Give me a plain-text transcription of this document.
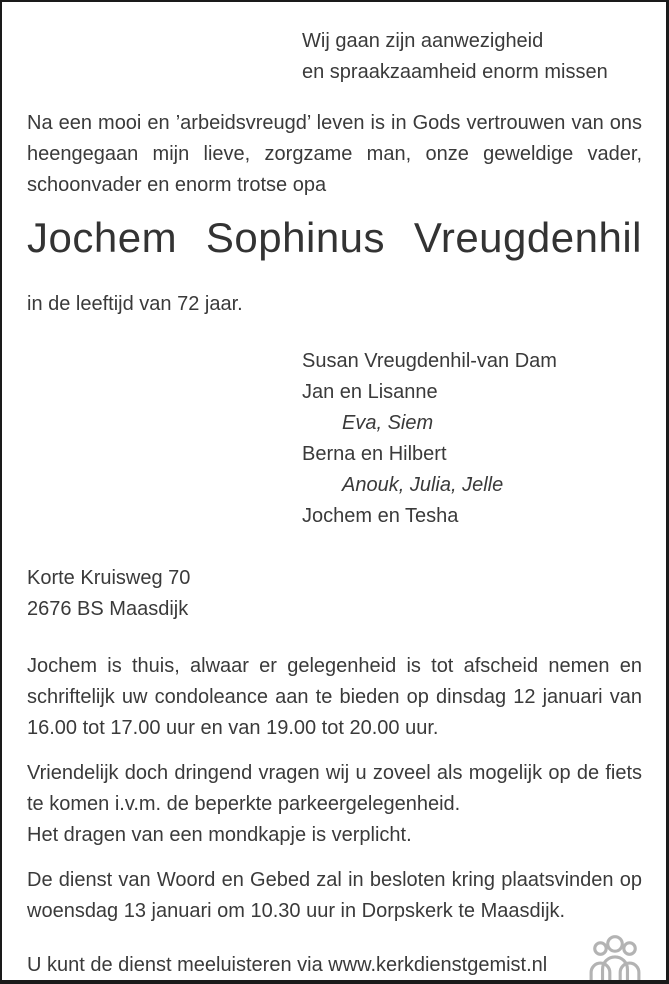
Wij gaan zijn aanwezigheid
en spraakzaamheid enorm missen
Na een mooi en ’arbeidsvreugd’ leven is in Gods vertrouwen van ons heengegaan mijn lieve, zorgzame man, onze geweldige vader, schoonvader en enorm trotse opa
Jochem Sophinus Vreugdenhil
in de leeftijd van 72 jaar.
Susan Vreugdenhil-van Dam
Jan en Lisanne
Eva, Siem
Berna en Hilbert
Anouk, Julia, Jelle
Jochem en Tesha
Korte Kruisweg 70
2676 BS Maasdijk
Jochem is thuis, alwaar er gelegenheid is tot afscheid nemen en schriftelijk uw condoleance aan te bieden op dinsdag 12 januari van 16.00 tot 17.00 uur en van 19.00 tot 20.00 uur.
Vriendelijk doch dringend vragen wij u zoveel als mogelijk op de fiets te komen i.v.m. de beperkte parkeergelegenheid.
Het dragen van een mondkapje is verplicht.
De dienst van Woord en Gebed zal in besloten kring plaatsvinden op woensdag 13 januari om 10.30 uur in Dorpskerk te Maasdijk.
U kunt de dienst meeluisteren via www.kerkdienstgemist.nl
